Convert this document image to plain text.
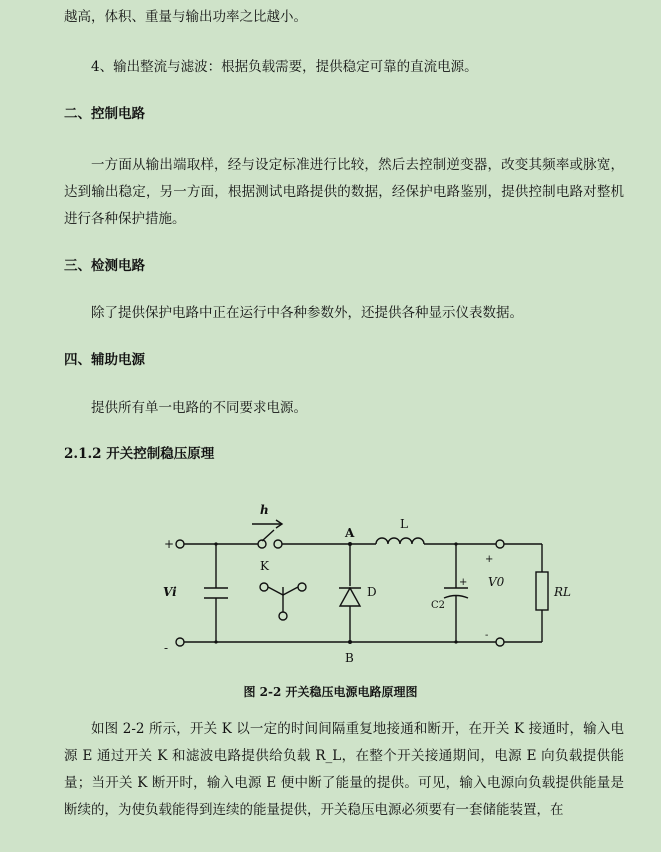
越高，体积、重量与输出功率之比越小。

4、输出整流与滤波：根据负载需要，提供稳定可靠的直流电源。

二、控制电路

一方面从输出端取样，经与设定标准进行比较，然后去控制逆变器，改变其频率或脉宽，达到输出稳定，另一方面，根据测试电路提供的数据，经保护电路鉴别，提供控制电路对整机进行各种保护措施。

三、检测电路

除了提供保护电路中正在运行中各种参数外，还提供各种显示仪表数据。

四、辅助电源

提供所有单一电路的不同要求电源。

2.1.2 开关控制稳压原理

+
-
Vi
h
K
A
B
L
D
C2
+
+
-
V0
RL
图 2-2 开关稳压电源电路原理图

如图 2-2 所示，开关 K 以一定的时间间隔重复地接通和断开，在开关 K 接通时，输入电源 E 通过开关 K 和滤波电路提供给负载 R_L，在整个开关接通期间，电源 E 向负载提供能量；当开关 K 断开时，输入电源 E 便中断了能量的提供。可见，输入电源向负载提供能量是断续的，为使负载能得到连续的能量提供，开关稳压电源必须要有一套储能装置，在
